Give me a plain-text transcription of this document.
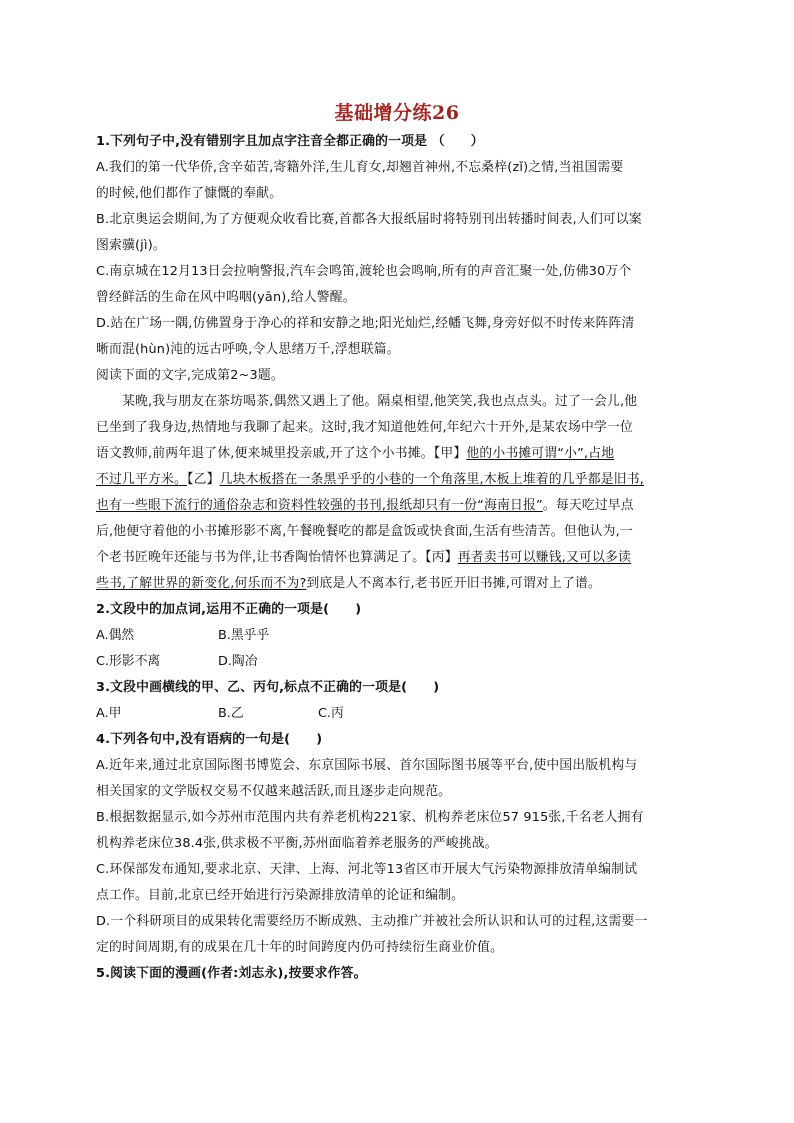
基础增分练26
1.下列句子中,没有错别字且加点字注音全都正确的一项是 （　　）
A.我们的第一代华侨,含辛茹苦,寄籍外洋,生儿育女,却翘首神州,不忘桑梓(zǐ)之情,当祖国需要
的时候,他们都作了慷慨的奉献。
B.北京奥运会期间,为了方便观众收看比赛,首都各大报纸届时将特别刊出转播时间表,人们可以案
图索骥(jì)。
C.南京城在12月13日会拉响警报,汽车会鸣笛,渡轮也会鸣响,所有的声音汇聚一处,仿佛30万个
曾经鲜活的生命在风中呜咽(yān),给人警醒。
D.站在广场一隅,仿佛置身于净心的祥和安静之地;阳光灿烂,经幡飞舞,身旁好似不时传来阵阵清
晰而混(hùn)沌的远古呼唤,令人思绪万千,浮想联篇。
阅读下面的文字,完成第2~3题。
某晚,我与朋友在茶坊喝茶,偶然又遇上了他。隔桌相望,他笑笑,我也点点头。过了一会儿,他
已坐到了我身边,热情地与我聊了起来。这时,我才知道他姓何,年纪六十开外,是某农场中学一位
语文教师,前两年退了休,便来城里投亲戚,开了这个小书摊。【甲】他的小书摊可谓“小”,占地
不过几平方米。【乙】几块木板搭在一条黑乎乎的小巷的一个角落里,木板上堆着的几乎都是旧书,
也有一些眼下流行的通俗杂志和资料性较强的书刊,报纸却只有一份“海南日报”。每天吃过早点
后,他便守着他的小书摊形影不离,午餐晚餐吃的都是盒饭或快食面,生活有些清苦。但他认为,一
个老书匠晚年还能与书为伴,让书香陶怡情怀也算满足了。【丙】再者卖书可以赚钱,又可以多读
些书,了解世界的新变化,何乐而不为?到底是人不离本行,老书匠开旧书摊,可谓对上了谱。
2.文段中的加点词,运用不正确的一项是(　　)
A.偶然	B.黑乎乎
C.形影不离	D.陶冶
3.文段中画横线的甲、乙、丙句,标点不正确的一项是(　　)
A.甲	B.乙	C.丙
4.下列各句中,没有语病的一句是(　　)
A.近年来,通过北京国际图书博览会、东京国际书展、首尔国际图书展等平台,使中国出版机构与
相关国家的文学版权交易不仅越来越活跃,而且逐步走向规范。
B.根据数据显示,如今苏州市范围内共有养老机构221家、机构养老床位57 915张,千名老人拥有
机构养老床位38.4张,供求极不平衡,苏州面临着养老服务的严峻挑战。
C.环保部发布通知,要求北京、天津、上海、河北等13省区市开展大气污染物源排放清单编制试
点工作。目前,北京已经开始进行污染源排放清单的论证和编制。
D.一个科研项目的成果转化需要经历不断成熟、主动推广并被社会所认识和认可的过程,这需要一
定的时间周期,有的成果在几十年的时间跨度内仍可持续衍生商业价值。
5.阅读下面的漫画(作者:刘志永),按要求作答。
